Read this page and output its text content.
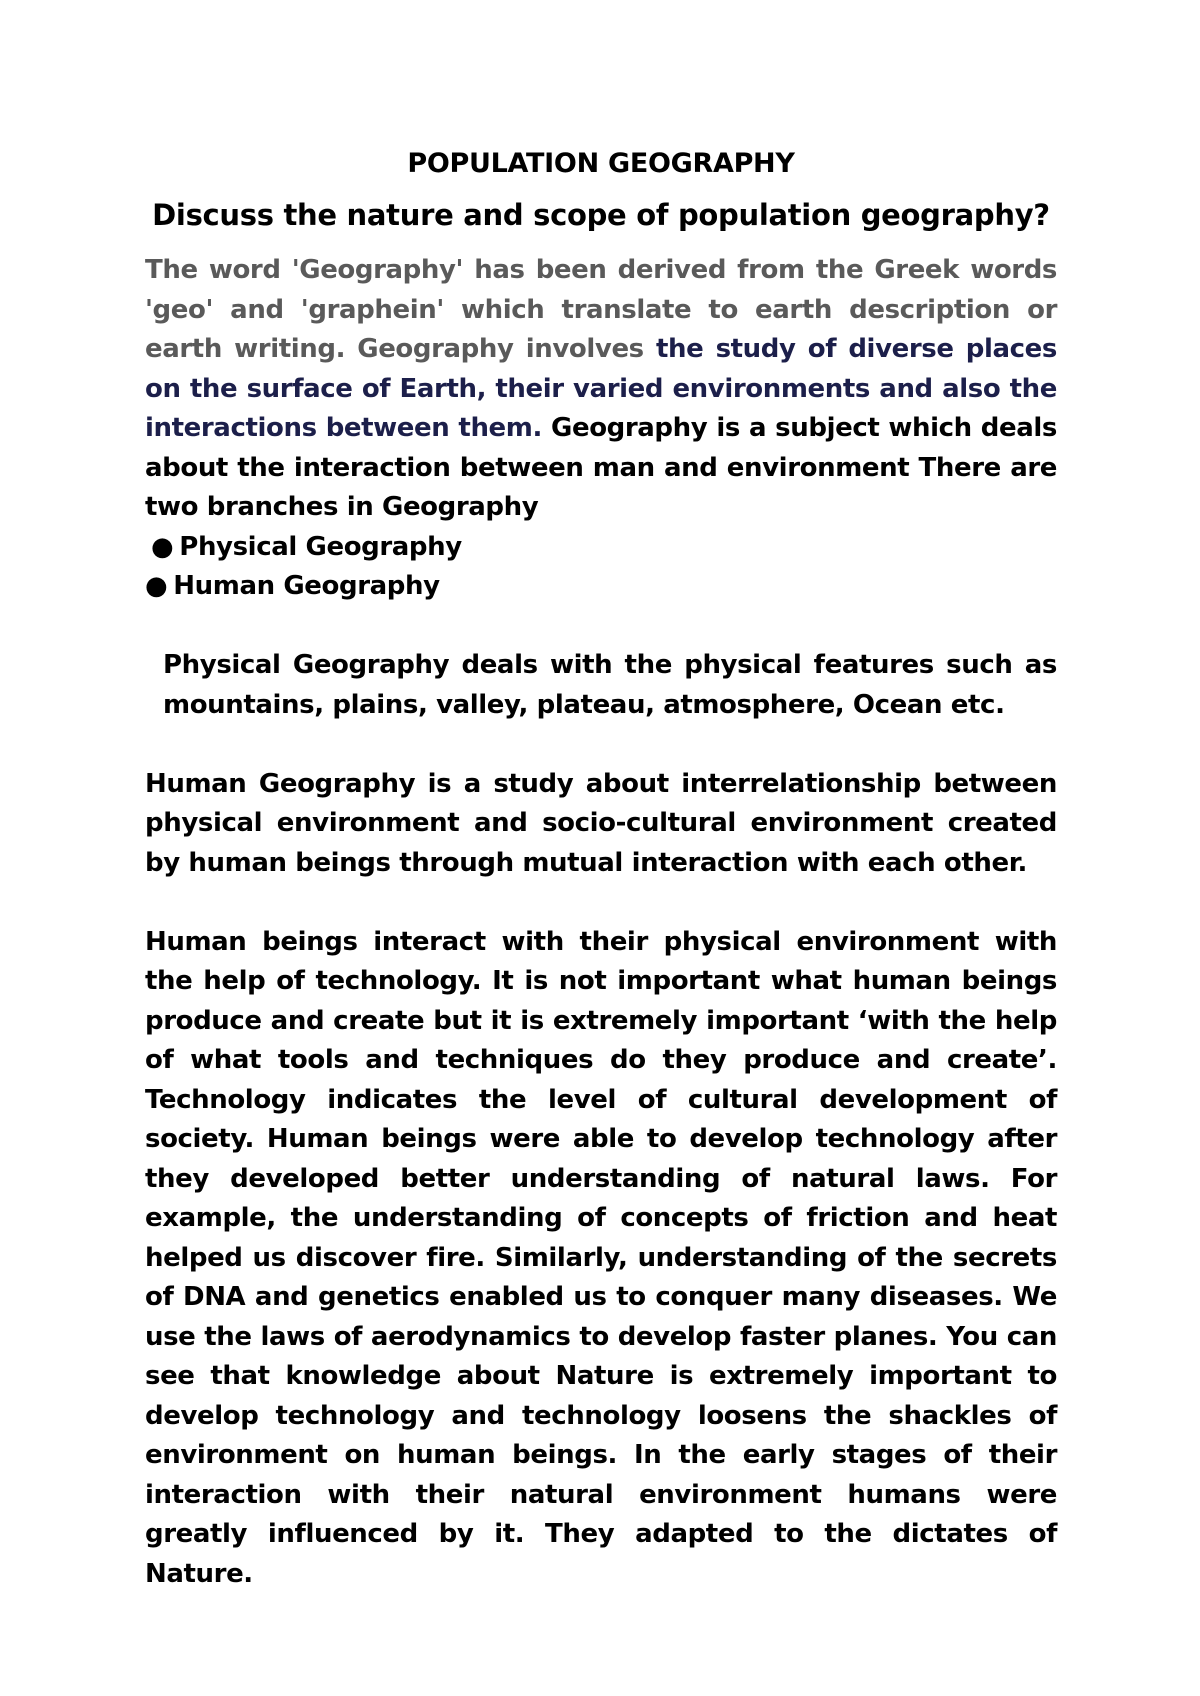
POPULATION GEOGRAPHY
Discuss the nature and scope of population geography?

The word 'Geography' has been derived from the Greek words 'geo' and 'graphein' which translate to earth description or earth writing. Geography involves the study of diverse places on the surface of Earth, their varied environments and also the interactions between them. Geography is a subject which deals about the interaction between man and environment There are two branches in Geography

● Physical Geography
● Human Geography

Physical Geography deals with the physical features such as mountains, plains, valley, plateau, atmosphere, Ocean etc.

Human Geography is a study about interrelationship between physical environment and socio-cultural environment created by human beings through mutual interaction with each other.

Human beings interact with their physical environment with the help of technology. It is not important what human beings produce and create but it is extremely important ‘with the help of what tools and techniques do they produce and create’. Technology indicates the level of cultural development of society. Human beings were able to develop technology after they developed better understanding of natural laws. For example, the understanding of concepts of friction and heat helped us discover fire. Similarly, understanding of the secrets of DNA and genetics enabled us to conquer many diseases. We use the laws of aerodynamics to develop faster planes. You can see that knowledge about Nature is extremely important to develop technology and technology loosens the shackles of environment on human beings. In the early stages of their interaction with their natural environment humans were greatly influenced by it. They adapted to the dictates of Nature.
